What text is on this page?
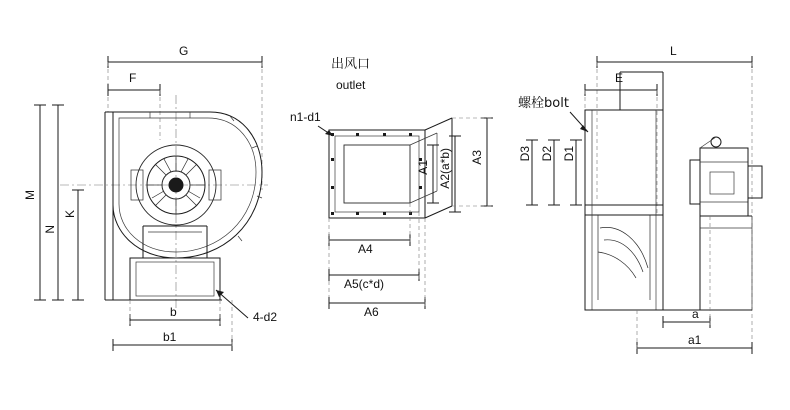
G
F
M
N
K
b
b1
4-d2
出风口
outlet
n1-d1
A1 A2(a*b) A3
A4
A5(c*d)
A6
L
E
螺栓bolt
D1
D2
D3
a
a1
